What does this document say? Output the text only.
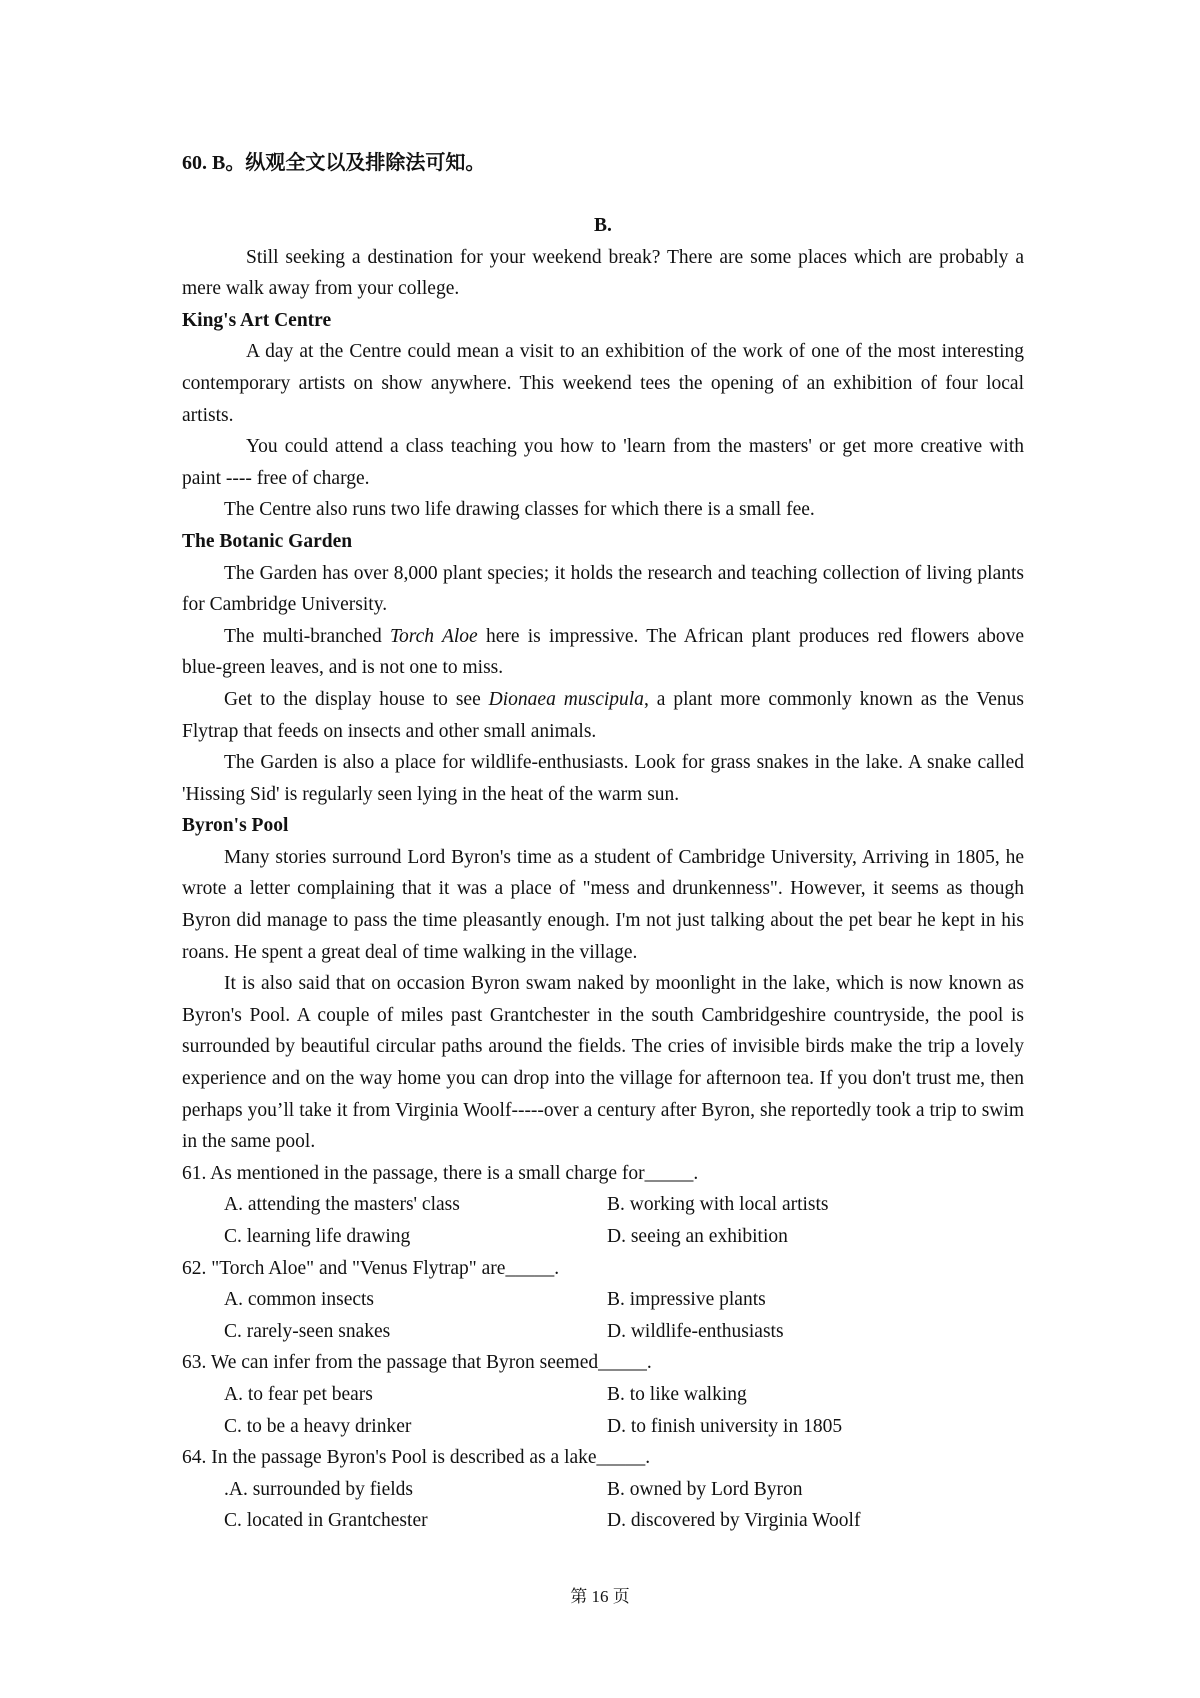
60. B。纵观全文以及排除法可知。

B.

Still seeking a destination for your weekend break? There are some places which are probably a mere walk away from your college.

King's Art Centre

A day at the Centre could mean a visit to an exhibition of the work of one of the most interesting contemporary artists on show anywhere. This weekend tees the opening of an exhibition of four local artists.

You could attend a class teaching you how to 'learn from the masters' or get more creative with paint ---- free of charge.

The Centre also runs two life drawing classes for which there is a small fee.

The Botanic Garden

The Garden has over 8,000 plant species; it holds the research and teaching collection of living plants for Cambridge University.

The multi-branched Torch Aloe here is impressive. The African plant produces red flowers above blue-green leaves, and is not one to miss.

Get to the display house to see Dionaea muscipula, a plant more commonly known as the Venus Flytrap that feeds on insects and other small animals.

The Garden is also a place for wildlife-enthusiasts. Look for grass snakes in the lake. A snake called 'Hissing Sid' is regularly seen lying in the heat of the warm sun.

Byron's Pool

Many stories surround Lord Byron's time as a student of Cambridge University, Arriving in 1805, he wrote a letter complaining that it was a place of "mess and drunkenness". However, it seems as though Byron did manage to pass the time pleasantly enough. I'm not just talking about the pet bear he kept in his roans. He spent a great deal of time walking in the village.

It is also said that on occasion Byron swam naked by moonlight in the lake, which is now known as Byron's Pool. A couple of miles past Grantchester in the south Cambridgeshire countryside, the pool is surrounded by beautiful circular paths around the fields. The cries of invisible birds make the trip a lovely experience and on the way home you can drop into the village for afternoon tea. If you don't trust me, then perhaps you’ll take it from Virginia Woolf-----over a century after Byron, she reportedly took a trip to swim in the same pool.

61. As mentioned in the passage, there is a small charge for_____.

A. attending the masters' class	B. working with local artists
C. learning life drawing	D. seeing an exhibition

62. "Torch Aloe" and "Venus Flytrap" are_____.

A. common insects	B. impressive plants
C. rarely-seen snakes	D. wildlife-enthusiasts

63. We can infer from the passage that Byron seemed_____.

A. to fear pet bears	B. to like walking
C. to be a heavy drinker	D. to finish university in 1805

64. In the passage Byron's Pool is described as a lake_____.

.A. surrounded by fields	B. owned by Lord Byron
C. located in Grantchester	D. discovered by Virginia Woolf
第 16 页
